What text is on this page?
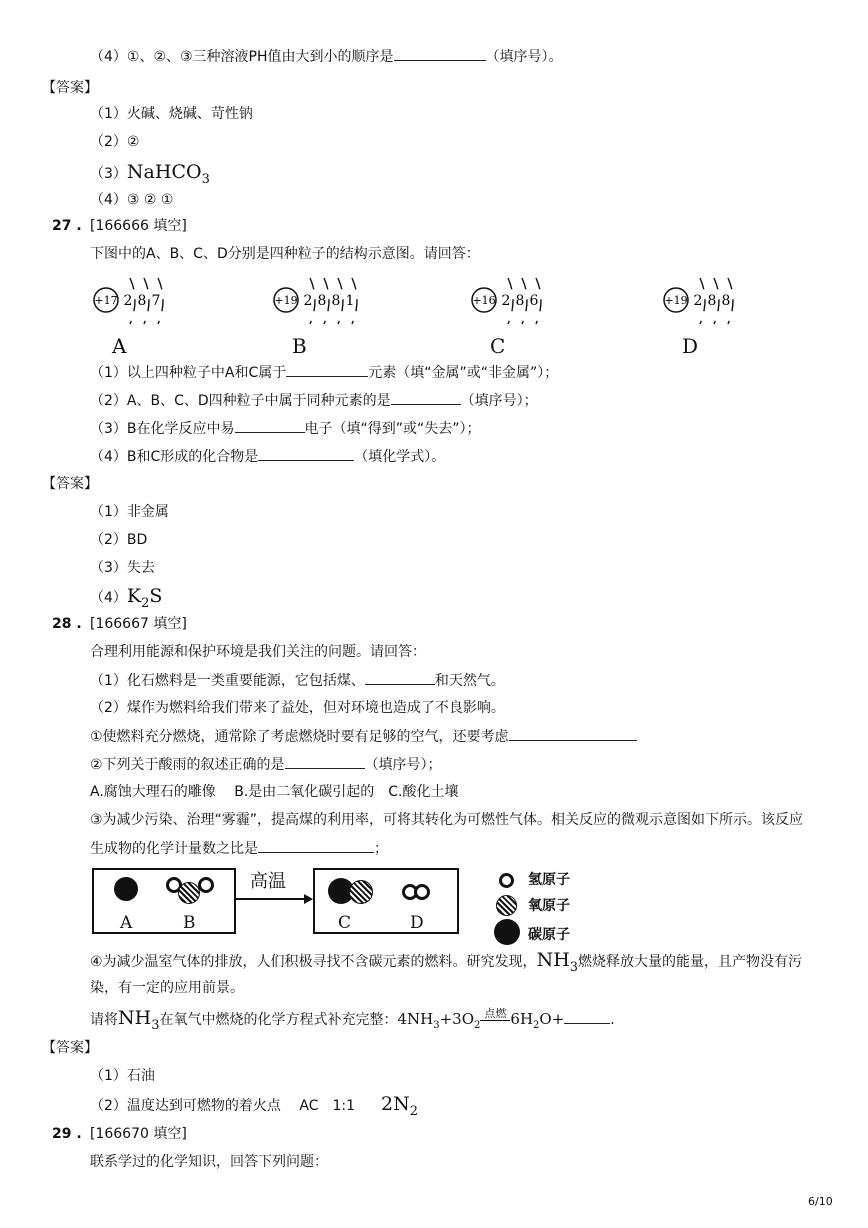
（4）①、②、③三种溶液PH值由大到小的顺序是	（填序号）。
【答案】
（1）火碱、烧碱、苛性钠
（2）②
（3）NaHCO$_3$
（4）③ ② ①
27 . [166666 填空]
下图中的A、B、C、D分别是四种粒子的结构示意图。请回答：
+17 2 8 7
A
+19 2 8 8 1
B
+16 2 8 6
C
+19 2 8 8
D
（1）以上四种粒子中A和C属于	元素（填“金属”或“非金属”）；
（2）A、B、C、D四种粒子中属于同种元素的是	（填序号）；
（3）B在化学反应中易	电子（填“得到”或“失去”）；
（4）B和C形成的化合物是	（填化学式）。
【答案】
（1）非金属
（2）BD
（3）失去
$(4)K_2S$
28 . [166667 填空]
合理利用能源和保护环境是我们关注的问题。请回答：
（1）化石燃料是一类重要能源，它包括煤、	和天然气。
（2）煤作为燃料给我们带来了益处，但对环境也造成了不良影响。
①使燃料充分燃烧，通常除了考虑燃烧时要有足够的空气，还要考虑
②下列关于酸雨的叙述正确的是	（填序号）；
A.腐蚀大理石的雕像　 B.是由二氧化碳引起的　C.酸化土壤
③为减少污染、治理“雾霾”，提高煤的利用率，可将其转化为可燃性气体。相关反应的微观示意图如下所示。该反应
生成物的化学计量数之比是	；
A	B
高温
C	D
氢原子
氧原子
碳原子
④为减少温室气体的排放，人们积极寻找不含碳元素的燃料。研究发现，$NH_3$燃烧释放大量的能量，且产物没有污
染，有一定的应用前景。
请将$NH_3$在氧气中燃烧的化学方程式补充完整：$4NH_3+3O_2$
点燃 $6H_2O+$	.
【答案】
（1）石油
（2）温度达到可燃物的着火点　 AC　1:1 $2N_2$
29 . [166670 填空]
联系学过的化学知识，回答下列问题：
6/10
